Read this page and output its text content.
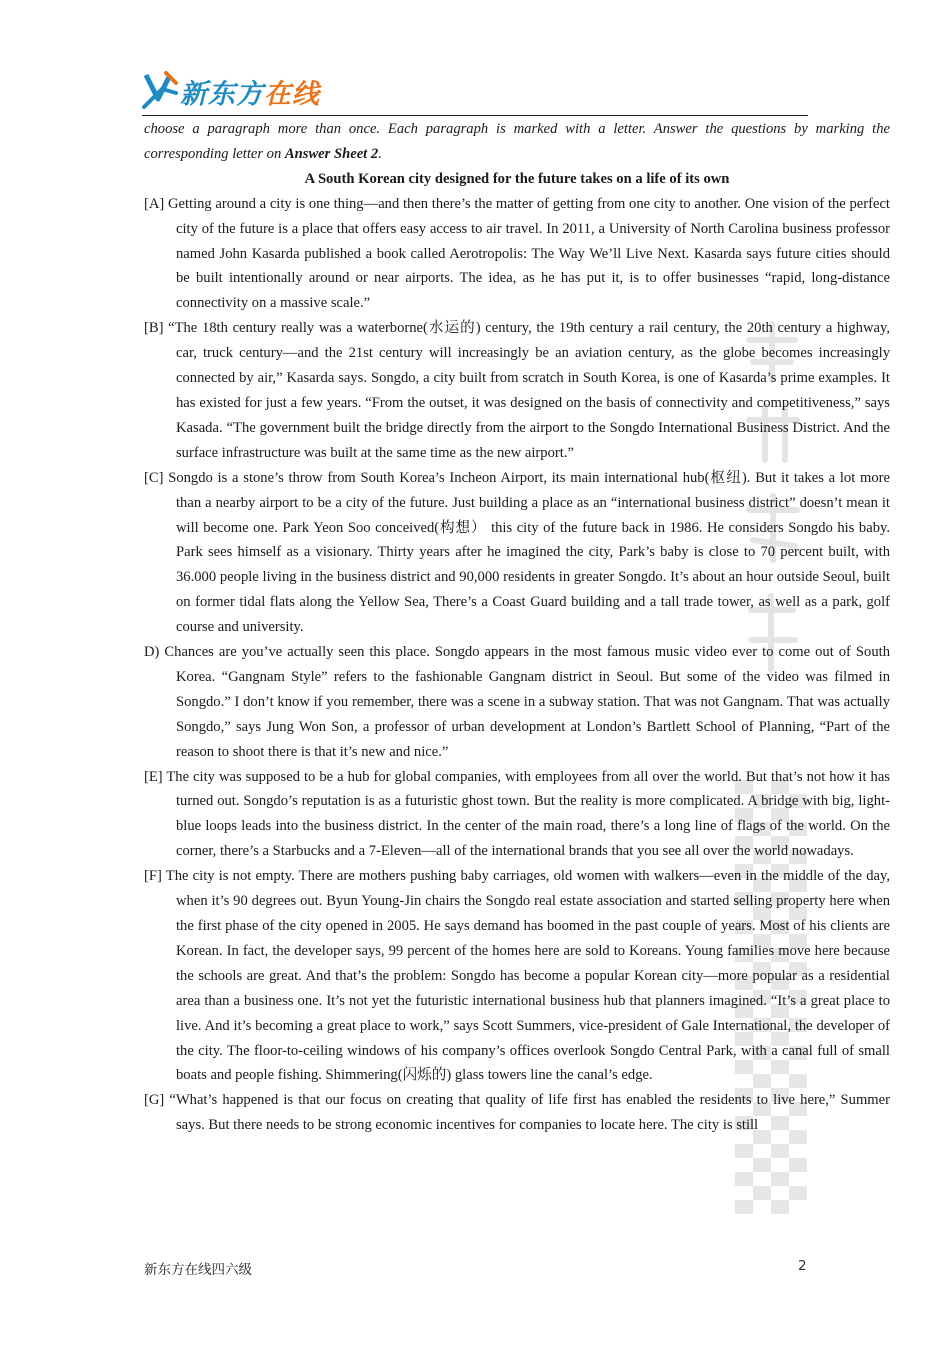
新东方在线
choose a paragraph more than once. Each paragraph is marked with a letter. Answer the questions by marking the corresponding letter on Answer Sheet 2.
A South Korean city designed for the future takes on a life of its own
[A] Getting around a city is one thing—and then there’s the matter of getting from one city to another. One vision of the perfect city of the future is a place that offers easy access to air travel. In 2011, a University of North Carolina business professor named John Kasarda published a book called Aerotropolis: The Way We’ll Live Next. Kasarda says future cities should be built intentionally around or near airports. The idea, as he has put it, is to offer businesses “rapid, long-distance connectivity on a massive scale.”
[B] “The 18th century really was a waterborne(水运的) century, the 19th century a rail century, the 20th century a highway, car, truck century—and the 21st century will increasingly be an aviation century, as the globe becomes increasingly connected by air,” Kasarda says. Songdo, a city built from scratch in South Korea, is one of Kasarda’s prime examples. It has existed for just a few years. “From the outset, it was designed on the basis of connectivity and competitiveness,” says Kasada. “The government built the bridge directly from the airport to the Songdo International Business District. And the surface infrastructure was built at the same time as the new airport.”
[C] Songdo is a stone’s throw from South Korea’s Incheon Airport, its main international hub(枢纽). But it takes a lot more than a nearby airport to be a city of the future. Just building a place as an “international business district” doesn’t mean it will become one. Park Yeon Soo conceived(构想） this city of the future back in 1986. He considers Songdo his baby. Park sees himself as a visionary. Thirty years after he imagined the city, Park’s baby is close to 70 percent built, with 36.000 people living in the business district and 90,000 residents in greater Songdo. It’s about an hour outside Seoul, built on former tidal flats along the Yellow Sea, There’s a Coast Guard building and a tall trade tower, as well as a park, golf course and university.
D) Chances are you’ve actually seen this place. Songdo appears in the most famous music video ever to come out of South Korea. “Gangnam Style” refers to the fashionable Gangnam district in Seoul. But some of the video was filmed in Songdo.” I don’t know if you remember, there was a scene in a subway station. That was not Gangnam. That was actually Songdo,” says Jung Won Son, a professor of urban development at London’s Bartlett School of Planning, “Part of the reason to shoot there is that it’s new and nice.”
[E] The city was supposed to be a hub for global companies, with employees from all over the world. But that’s not how it has turned out. Songdo’s reputation is as a futuristic ghost town. But the reality is more complicated. A bridge with big, light-blue loops leads into the business district. In the center of the main road, there’s a long line of flags of the world. On the corner, there’s a Starbucks and a 7-Eleven—all of the international brands that you see all over the world nowadays.
[F] The city is not empty. There are mothers pushing baby carriages, old women with walkers—even in the middle of the day, when it’s 90 degrees out. Byun Young-Jin chairs the Songdo real estate association and started selling property here when the first phase of the city opened in 2005. He says demand has boomed in the past couple of years. Most of his clients are Korean. In fact, the developer says, 99 percent of the homes here are sold to Koreans. Young families move here because the schools are great. And that’s the problem: Songdo has become a popular Korean city—more popular as a residential area than a business one. It’s not yet the futuristic international business hub that planners imagined. “It’s a great place to live. And it’s becoming a great place to work,” says Scott Summers, vice-president of Gale International, the developer of the city. The floor-to-ceiling windows of his company’s offices overlook Songdo Central Park, with a canal full of small boats and people fishing. Shimmering(闪烁的) glass towers line the canal’s edge.
[G] “What’s happened is that our focus on creating that quality of life first has enabled the residents to live here,” Summer says. But there needs to be strong economic incentives for companies to locate here. The city is still
新东方在线四六级	2
